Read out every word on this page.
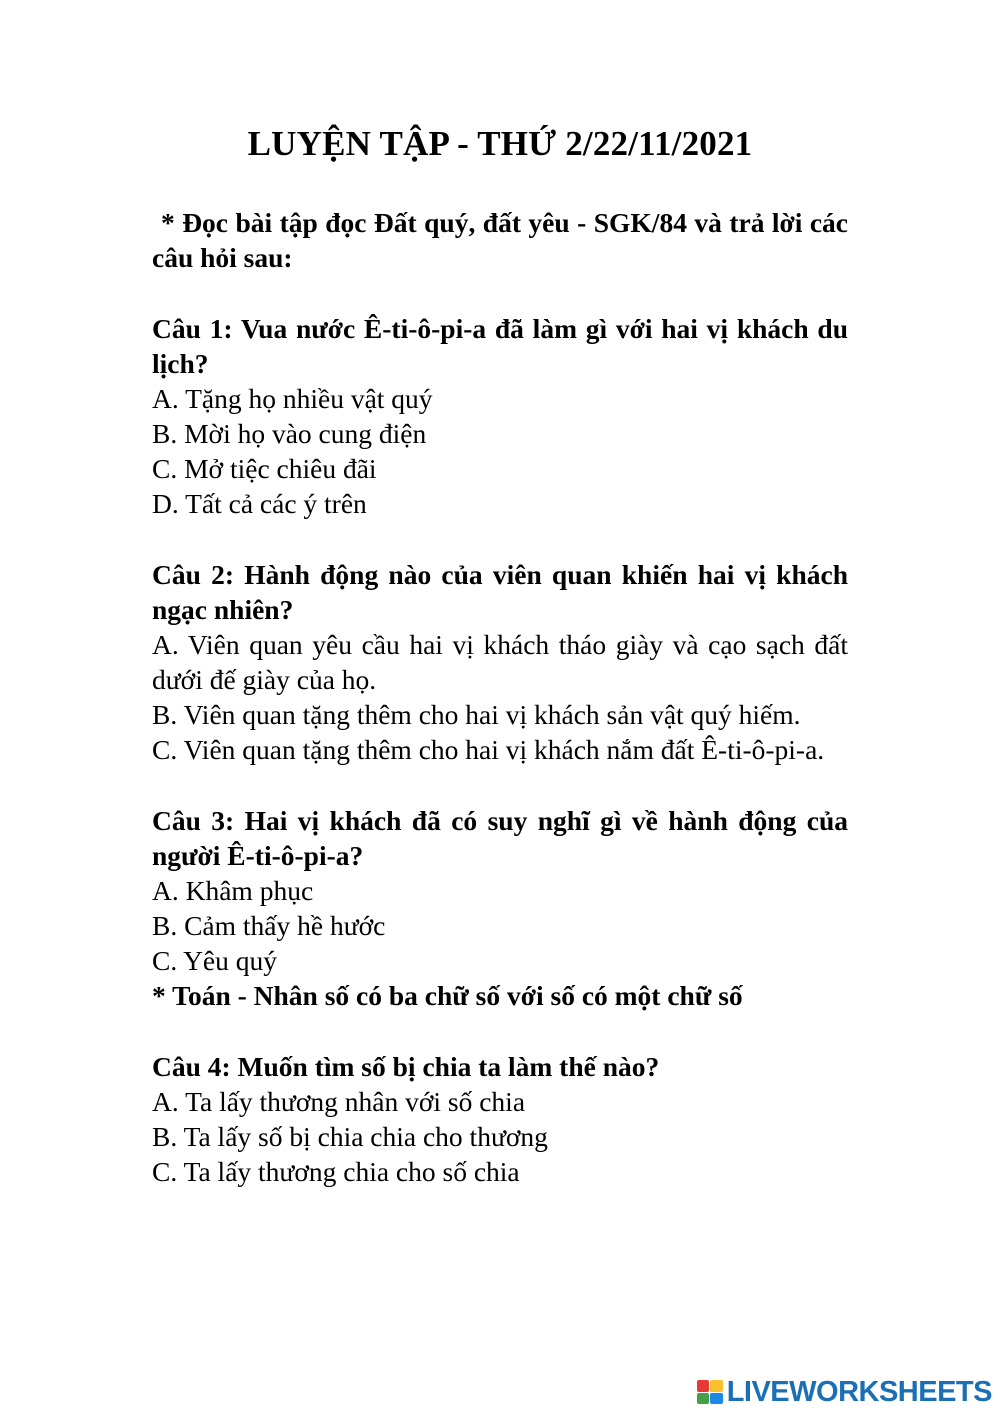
LUYỆN TẬP - THỨ 2/22/11/2021

* Đọc bài tập đọc Đất quý, đất yêu - SGK/84 và trả lời các câu hỏi sau:

Câu 1: Vua nước Ê-ti-ô-pi-a đã làm gì với hai vị khách du lịch?

A. Tặng họ nhiều vật quý

B. Mời họ vào cung điện

C. Mở tiệc chiêu đãi

D. Tất cả các ý trên

Câu 2: Hành động nào của viên quan khiến hai vị khách ngạc nhiên?

A. Viên quan yêu cầu hai vị khách tháo giày và cạo sạch đất dưới đế giày của họ.

B. Viên quan tặng thêm cho hai vị khách sản vật quý hiếm.

C. Viên quan tặng thêm cho hai vị khách nắm đất Ê-ti-ô-pi-a.

Câu 3: Hai vị khách đã có suy nghĩ gì về hành động của người Ê-ti-ô-pi-a?

A. Khâm phục

B. Cảm thấy hề hước

C. Yêu quý

* Toán - Nhân số có ba chữ số với số có một chữ số

Câu 4: Muốn tìm số bị chia ta làm thế nào?

A. Ta lấy thương nhân với số chia

B. Ta lấy số bị chia chia cho thương

C. Ta lấy thương chia cho số chia

LIVEWORKSHEETS
